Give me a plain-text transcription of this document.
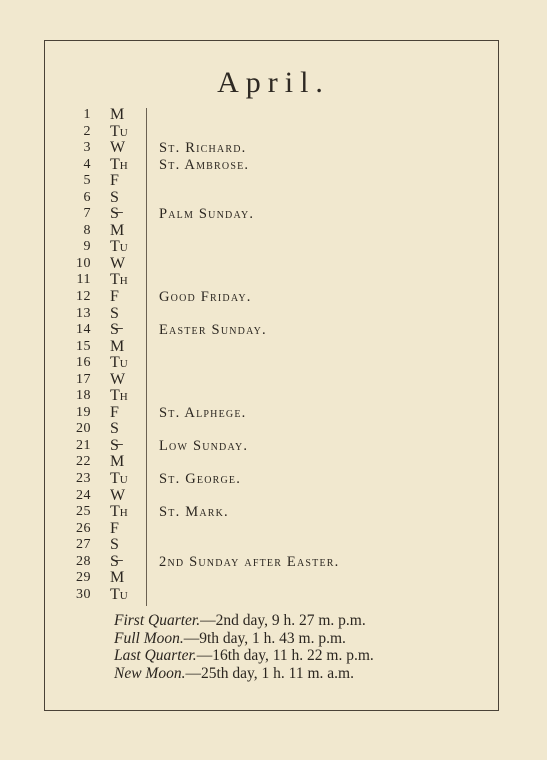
April.
1 M
2 Tu
3 W St. Richard.
4 Th St. Ambrose.
5 F
6 S
7 S̶	Palm Sunday.
8 M
9 Tu
10 W
11 Th
12 F	Good Friday.
13 S
14 S̶	Easter Sunday.
15 M
16 Tu
17 W
18 Th
19 F	St. Alphege.
20 S
21 S̶	Low Sunday.
22 M
23 Tu St. George.
24 W
25 Th St. Mark.
26 F
27 S
28 S̶	2nd Sunday after Easter.
29 M
30 Tu
First Quarter.—2nd day, 9 h. 27 m. p.m.
Full Moon.—9th day, 1 h. 43 m. p.m.
Last Quarter.—16th day, 11 h. 22 m. p.m.
New Moon.—25th day, 1 h. 11 m. a.m.
